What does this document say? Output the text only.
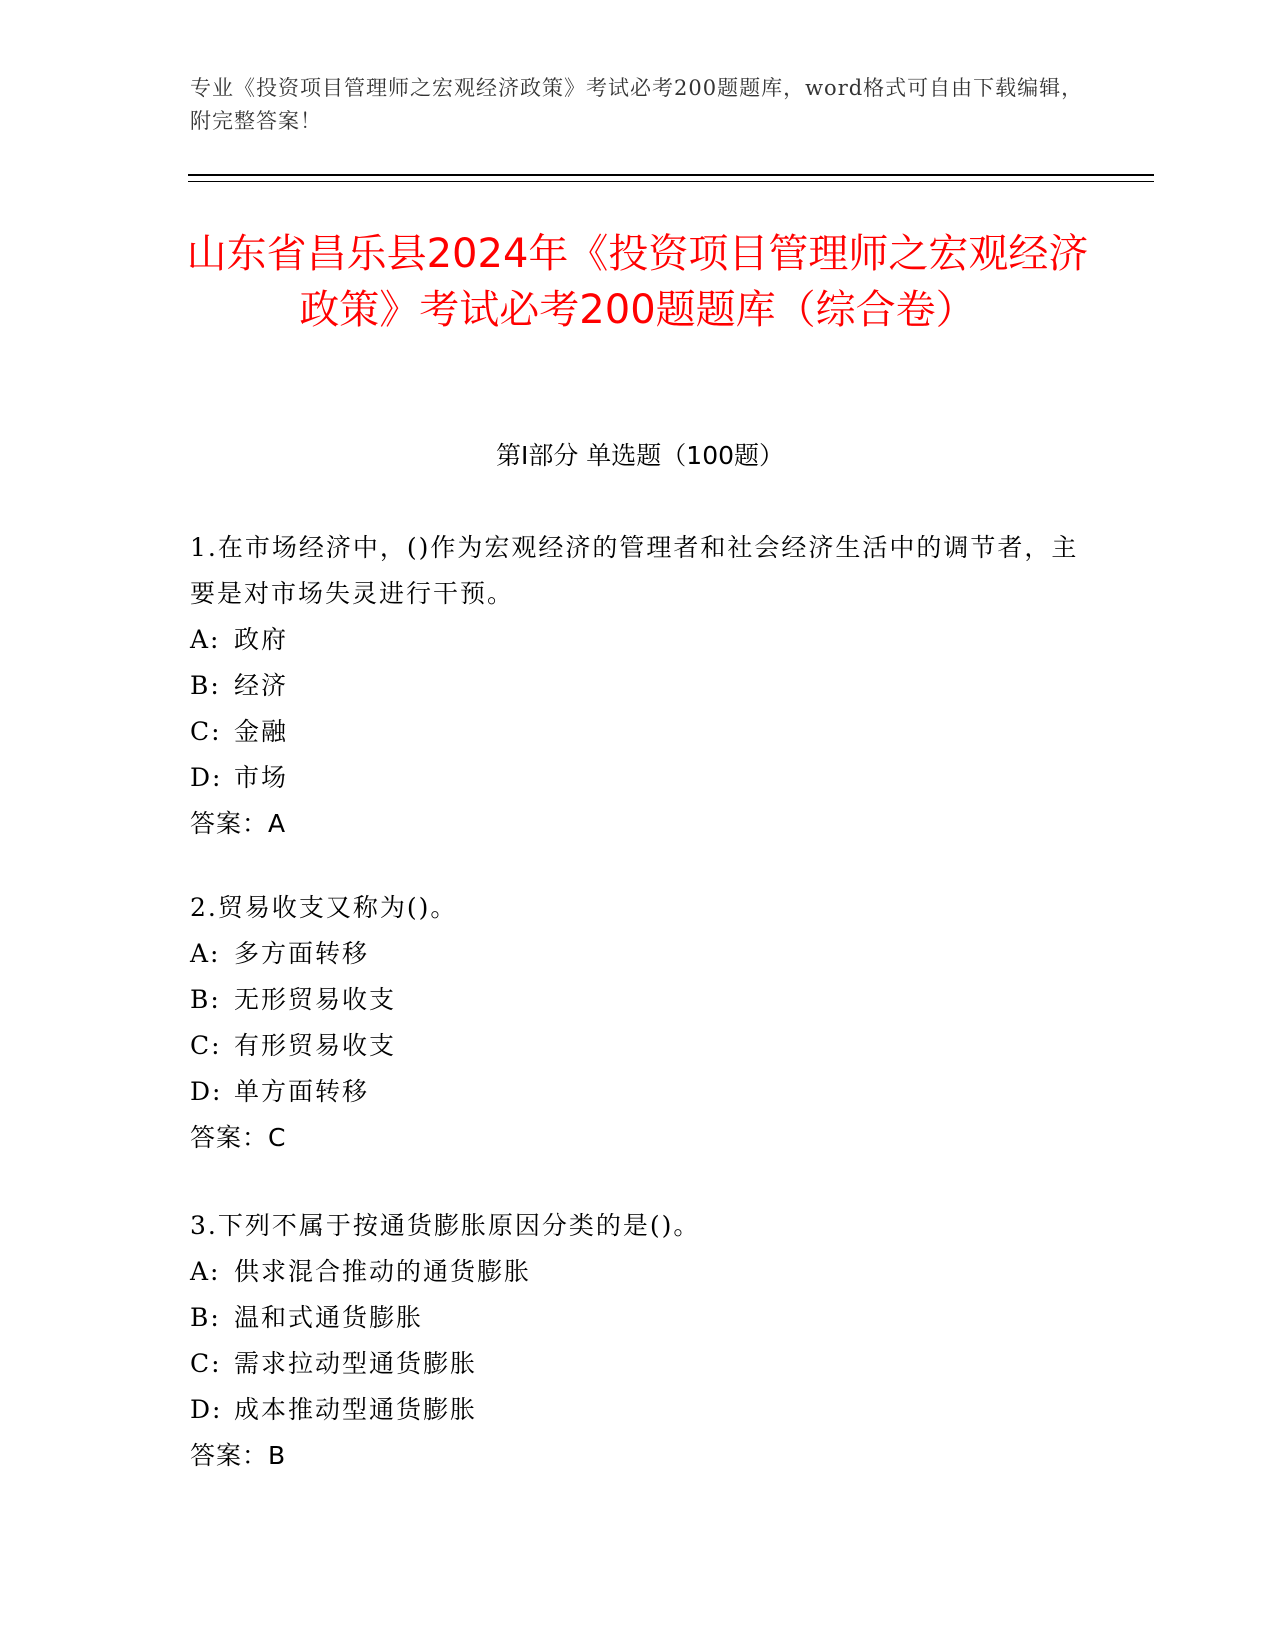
专业《投资项目管理师之宏观经济政策》考试必考200题题库，word格式可自由下载编辑，附完整答案！
山东省昌乐县2024年《投资项目管理师之宏观经济政策》考试必考200题题库（综合卷）
第Ⅰ部分 单选题（100题）
1.在市场经济中，()作为宏观经济的管理者和社会经济生活中的调节者，主要是对市场失灵进行干预。
A: 政府
B: 经济
C: 金融
D: 市场
答案：A
2.贸易收支又称为()。
A: 多方面转移
B: 无形贸易收支
C: 有形贸易收支
D: 单方面转移
答案：C
3.下列不属于按通货膨胀原因分类的是()。
A: 供求混合推动的通货膨胀
B: 温和式通货膨胀
C: 需求拉动型通货膨胀
D: 成本推动型通货膨胀
答案：B
